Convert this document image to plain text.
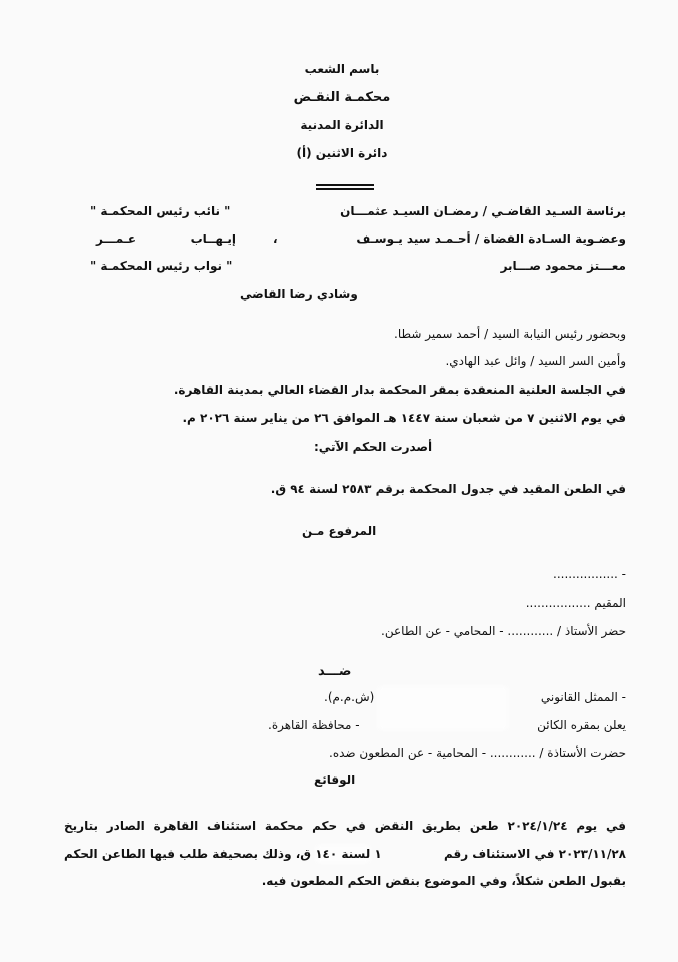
باسم الشعب
محكمـة النقـض
الدائرة المدنية
دائرة الاثنين (أ)
برئاسة السـيد القاضـي / رمضـان السيـد عثمـــان
" نائب رئيس المحكمـة "
وعضـوية السـادة القضاة / أحـمـد سيد يـوسـف
،
إيـهــاب عـمـــر
معـــتز محمود صـــابر
" نواب رئيس المحكمـة "
وشادي رضا القاضي
وبحضور رئيس النيابة السيد / أحمد سمير شطا.
وأمين السر السيد / وائل عبد الهادي.
في الجلسة العلنية المنعقدة بمقر المحكمة بدار القضاء العالي بمدينة القاهرة.
في يوم الاثنين ٧ من شعبان سنة ١٤٤٧ هـ الموافق ٢٦ من يناير سنة ٢٠٢٦ م.
أصدرت الحكم الآتي:
في الطعن المقيد في جدول المحكمة برقم ٢٥٨٣ لسنة ٩٤ ق.
المرفوع مـن
- .................
المقيم .................
حضر الأستاذ / ............ - المحامي - عن الطاعن.
ضـــد
- الممثل القانوني
(ش.م.م).
يعلن بمقره الكائن
- محافظة القاهرة.
حضرت الأستاذة / ............ - المحامية - عن المطعون ضده.
الوقائع
في يوم ٢٠٢٤/١/٢٤ طعن بطريق النقض في حكم محكمة استئناف القاهرة الصادر بتاريخ
٢٠٢٣/١١/٢٨ في الاستئناف رقم
١ لسنة ١٤٠ ق، وذلك بصحيفة طلب فيها الطاعن الحكم
بقبول الطعن شكلاً، وفي الموضوع بنقض الحكم المطعون فيه.
